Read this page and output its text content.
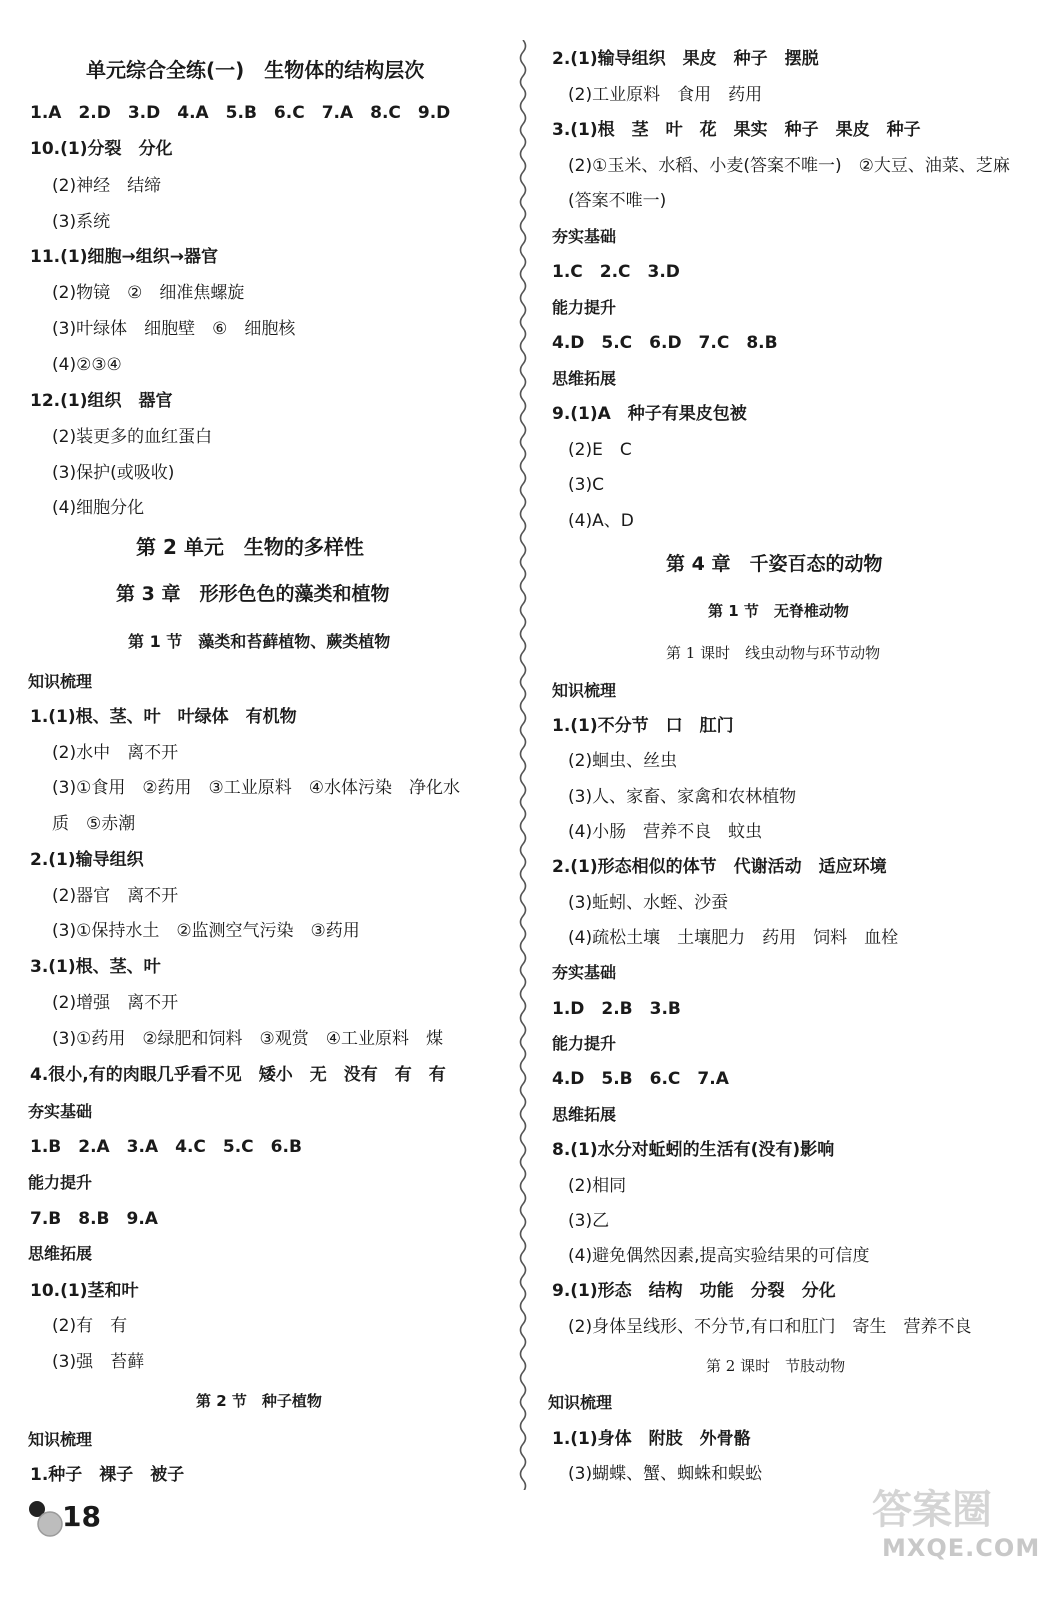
单元综合全练(一)　生物体的结构层次
1.A　2.D　3.D　4.A　5.B　6.C　7.A　8.C　9.D
10.(1)分裂　分化
(2)神经　结缔
(3)系统
11.(1)细胞→组织→器官
(2)物镜　②　细准焦螺旋
(3)叶绿体　细胞壁　⑥　细胞核
(4)②③④
12.(1)组织　器官
(2)装更多的血红蛋白
(3)保护(或吸收)
(4)细胞分化
第 2 单元　生物的多样性
第 3 章　形形色色的藻类和植物
第 1 节　藻类和苔藓植物、蕨类植物
知识梳理
1.(1)根、茎、叶　叶绿体　有机物
(2)水中　离不开
(3)①食用　②药用　③工业原料　④水体污染　净化水
质　⑤赤潮
2.(1)输导组织
(2)器官　离不开
(3)①保持水土　②监测空气污染　③药用
3.(1)根、茎、叶
(2)增强　离不开
(3)①药用　②绿肥和饲料　③观赏　④工业原料　煤
4.很小,有的肉眼几乎看不见　矮小　无　没有　有　有
夯实基础
1.B　2.A　3.A　4.C　5.C　6.B
能力提升
7.B　8.B　9.A
思维拓展
10.(1)茎和叶
(2)有　有
(3)强　苔藓
第 2 节　种子植物
知识梳理
1.种子　裸子　被子
2.(1)输导组织　果皮　种子　摆脱
(2)工业原料　食用　药用
3.(1)根　茎　叶　花　果实　种子　果皮　种子
(2)①玉米、水稻、小麦(答案不唯一)　②大豆、油菜、芝麻
(答案不唯一)
夯实基础
1.C　2.C　3.D
能力提升
4.D　5.C　6.D　7.C　8.B
思维拓展
9.(1)A　种子有果皮包被
(2)E　C
(3)C
(4)A、D
第 4 章　千姿百态的动物
第 1 节　无脊椎动物
第 1 课时　线虫动物与环节动物
知识梳理
1.(1)不分节　口　肛门
(2)蛔虫、丝虫
(3)人、家畜、家禽和农林植物
(4)小肠　营养不良　蚊虫
2.(1)形态相似的体节　代谢活动　适应环境
(3)蚯蚓、水蛭、沙蚕
(4)疏松土壤　土壤肥力　药用　饲料　血栓
夯实基础
1.D　2.B　3.B
能力提升
4.D　5.B　6.C　7.A
思维拓展
8.(1)水分对蚯蚓的生活有(没有)影响
(2)相同
(3)乙
(4)避免偶然因素,提高实验结果的可信度
9.(1)形态　结构　功能　分裂　分化
(2)身体呈线形、不分节,有口和肛门　寄生　营养不良
第 2 课时　节肢动物
知识梳理
1.(1)身体　附肢　外骨骼
(3)蝴蝶、蟹、蜘蛛和蜈蚣
18	答案圈
MXQE.COM
